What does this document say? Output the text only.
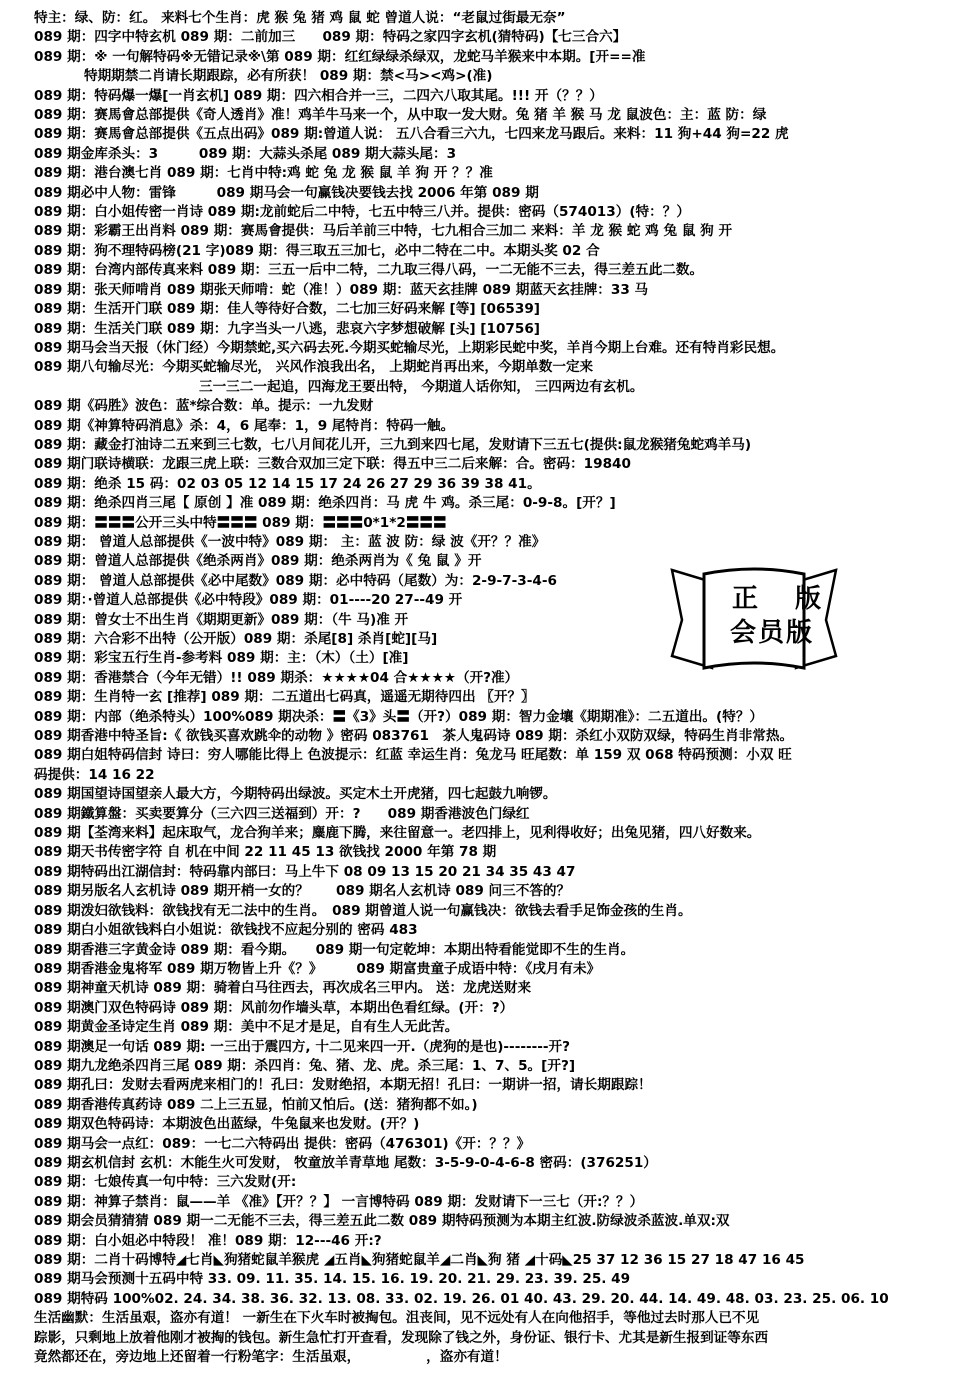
特主：绿、防：红。 来料七个生肖：虎 猴 兔 猪 鸡 鼠 蛇 曾道人说：“老鼠过街最无奈”
089 期：四字中特玄机 089 期：二前加三　　089 期：特码之家四字玄机(猜特码)【七三合六】
089 期：※ 一句解特码※无错记录※\第 089 期：红红绿绿杀绿双，龙蛇马羊猴来中本期。[开==准
特期期禁二肖请长期跟踪，必有所获！ 089 期：禁<马><鸡>(准)
089 期：特码爆一爆[一肖玄机] 089 期：四六相合并一三，二四六八取其尾。!!! 开（？？）
089 期：赛馬會总部提供《奇人透肖》准！鸡羊牛马来一个，从中取一发大财。兔 猪 羊 猴 马 龙 鼠波色：主：蓝 防：绿
089 期：赛馬會总部提供《五点出码》089 期:曾道人说： 五八合看三六九，七四来龙马跟后。来料：11 狗+44 狗=22 虎
089 期金库杀头：3　　　089 期：大蒜头杀尾 089 期大蒜头尾：3
089 期：港台澳七肖 089 期：七肖中特:鸡 蛇 兔 龙 猴 鼠 羊 狗 开 ？？准
089 期必中人物：雷锋　　　089 期马会一句赢钱决要钱去找 2006 年第 089 期
089 期：白小姐传密一肖诗 089 期:龙前蛇后二中特，七五中特三八并。提供：密码（574013）(特：？）
089 期：彩霸王出肖料 089 期：赛馬會提供：马后羊前三中特，七九相合三加二 来料：羊 龙 猴 蛇 鸡 兔 鼠 狗 开
089 期：狗不理特码榜(21 字)089 期：得三取五三加七，必中二特在二中。本期头奖 02 合
089 期：台湾内部传真来料 089 期：三五一后中二特，二九取三得八码，一二无能不三去，得三差五此二数。
089 期：张天师啃肖 089 期张天师啃：蛇（准！）089 期：蓝天玄挂牌 089 期蓝天玄挂牌：33 马
089 期：生活开门联 089 期：佳人等待好合数，二七加三好码来解 [等] [06539]
089 期：生活关门联 089 期：九字当头一八逃，悲哀六字梦想破解 [头] [10756]
089 期马会当天报（休门经）今期禁蛇,买六码去死.今期买蛇输尽光，上期彩民蛇中奖，羊肖今期上台难。还有特肖彩民想。
089 期八句输尽光：今期买蛇输尽光， 兴风作浪我出名， 上期蛇肖再出来，今期单数一定来
三一三二一起追，四海龙王要出特， 今期道人话你知， 三四两边有玄机。
089 期《码胜》波色：蓝*综合数：单。提示：一九发财
089 期《神算特码消息》杀：4，6 尾奉：1，9 尾特肖：特码一触。
089 期：藏金打油诗二五来到三七数，七八月间花儿开，三九到来四七尾，发财请下三五七(提供:鼠龙猴猪兔蛇鸡羊马)
089 期门联诗横联：龙跟三虎上联：三数合双加三定下联：得五中三二后来解：合。密码：19840
089 期：绝杀 15 码：02 03 05 12 14 15 17 24 26 27 29 36 39 38 41。
089 期：绝杀四肖三尾【 原创 】准 089 期：绝杀四肖：马 虎 牛 鸡。杀三尾：0-9-8。[开？]
089 期：〓〓〓公开三头中特〓〓〓 089 期：〓〓〓0*1*2〓〓〓
089 期： 曾道人总部提供《一波中特》089 期： 主：蓝 波 防：绿 波《开？？准》
089 期：曾道人总部提供《绝杀两肖》089 期：绝杀两肖为《 兔 鼠 》开
089 期： 曾道人总部提供《必中尾数》089 期：必中特码（尾数）为：2-9-7-3-4-6
089 期：·曾道人总部提供《必中特段》089 期：01----20 27--49 开
089 期：曾女士不出生肖《期期更新》089 期：（牛 马)准 开
089 期：六合彩不出特（公开版）089 期：杀尾[8] 杀肖[蛇][马]
089 期：彩宝五行生肖-参考料 089 期：主：（木）（土）[准]
089 期：香港禁合（今年无错）!! 089 期杀：★★★★04 合★★★★（开?准）
089 期：生肖特一玄 [推荐] 089 期：二五道出七码真，遥遥无期待四出 〖开？〗
089 期：内部（绝杀特头）100%089 期决杀：〓《3》头〓（开?）089 期：智力金壤《期期准》：二五道出。(特？）
089 期香港中特圣旨:《 欲钱买喜欢跳伞的动物 》密码 083761　茶人鬼码诗 089 期：杀红小双防双绿，特码生肖非常热。
089 期白姐特码信封 诗曰：穷人哪能比得上 色波提示：红蓝 幸运生肖：兔龙马 旺尾数：单 159 双 068 特码预测：小双 旺
码提供：14 16 22
089 期国望诗国望亲人最大方，今期特码出绿波。买定木土开虎猪，四七起鼓九响锣。
089 期鐵算盤：买卖要算分（三六四三送福到）开：?　　089 期香港波色门绿红
089 期【荃湾来料】起床取气，龙合狗羊来；麋鹿下腾，来往留意一。老四排上，见利得收好；出兔见猪，四八好数来。
089 期天书传密字符 自 机在中间 22 11 45 13 欲钱找 2000 年第 78 期
089 期特码出江湖信封：特码靠内部曰：马上牛下 08 09 13 15 20 21 34 35 43 47
089 期另版名人玄机诗 089 期开梢一女的？　　089 期名人玄机诗 089 问三不答的？
089 期泼妇欲钱料：欲钱找有无二法中的生肖。　089 期曾道人说一句赢钱决：欲钱去看手足饰金孩的生肖。
089 期白小姐欲钱料白小姐说：欲钱找不应起分别的 密码 483
089 期香港三字黄金诗 089 期：看今期。　　089 期一句定乾坤：本期出特看能觉即不生的生肖。
089 期香港金鬼将军 089 期万物皆上升《？》　　　089 期富贵童子成语中特：《戌月有未》
089 期神童天机诗 089 期：骑着白马往西去，再次成名三甲内。 送：龙虎送财来
089 期澳门双色特码诗 089 期：风前勿作墙头草，本期出色看红绿。(开：?）
089 期黄金圣诗定生肖 089 期：美中不足才是足，自有生人无此苦。
089 期澳足一句话 089 期: 一三出于震四方, 十二见来四一开.（虎狗的是也)--------开?
089 期九龙绝杀四肖三尾 089 期：杀四肖：兔、猪、龙、虎。杀三尾：1、7、5。[开?]
089 期孔曰：发财去看两虎来相门的！孔曰：发财绝招，本期无招！孔曰：一期讲一招，请长期跟踪！
089 期香港传真药诗 089 二上三五显，怕前又怕后。(送：猪狗都不如。)
089 期双色特码诗：本期波色出蓝绿，牛兔鼠来也发财。(开？)
089 期马会一点红：089：一七二六特码出 提供：密码（476301)《开：？？》
089 期玄机信封 玄机：木能生火可发财， 牧童放羊青草地 尾数：3-5-9-0-4-6-8 密码：(376251）
089 期：七娘传真一句中特：三六发财(开:
089 期：神算子禁肖：鼠——羊 《准》【开？？】 一言博特码 089 期：发财请下一三七（开:？？）
089 期会员猜猜猜 089 期一二无能不三去，得三差五此二数 089 期特码预测为本期主红波.防绿波杀蓝波.单双:双
089 期：白小姐必中特段！ 准！089 期：12---46 开:?
089 期：二肖十码博特◢七肖◣狗猪蛇鼠羊猴虎 ◢五肖◣狗猪蛇鼠羊◢二肖◣狗 猪 ◢十码◣25 37 12 36 15 27 18 47 16 45
089 期马会预测十五码中特 33. 09. 11. 35. 14. 15. 16. 19. 20. 21. 29. 23. 39. 25. 49
089 期特码 100%02. 24. 34. 38. 36. 32. 13. 08. 33. 02. 19. 26. 01 40. 43. 29. 20. 44. 14. 49. 48. 03. 23. 25. 06. 10
生活幽默：生活虽艰，盗亦有道！ 一新生在下火车时被掏包。沮丧间，见不远处有人在向他招手，等他过去时那人已不见
踪影，只剩地上放着他刚才被掏的钱包。新生急忙打开查看，发现除了钱之外，身份证、银行卡、尤其是新生报到证等东西
竟然都还在，旁边地上还留着一行粉笔字：生活虽艰，　　　　　 ，盗亦有道！
正 版
会员版
